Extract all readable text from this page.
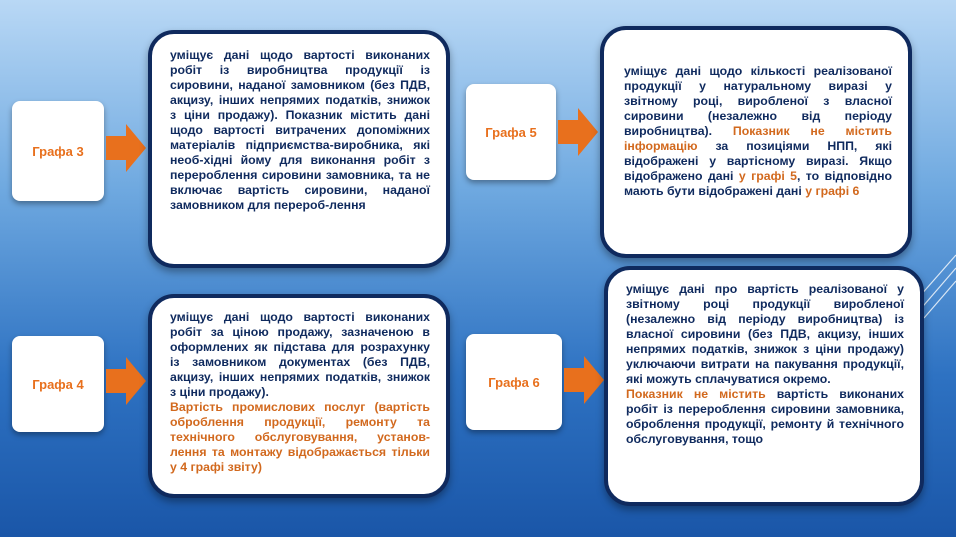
Графа 3

уміщує дані щодо вартості виконаних робіт із виробництва продукції із сировини, наданої замовником (без ПДВ, акцизу, інших непрямих податків, знижок з ціни продажу). Показник містить дані щодо вартості витрачених допоміжних матеріалів підприємства-виробника, які необ-хідні йому для виконання робіт з перероблення сировини замовника, та не включає вартість сировини, наданої замовником для перероб-лення

Графа 4

уміщує дані щодо вартості виконаних робіт за ціною продажу, зазначеною в оформлених як підстава для розрахунку із замовником документах (без ПДВ, акцизу, інших непрямих податків, знижок з ціни продажу).

Вартість промислових послуг (вартість оброблення продукції, ремонту та технічного обслуговування, установ-лення та монтажу відображається тільки у 4 графі звіту)

Графа 5

уміщує дані щодо кількості реалізованої продукції у натуральному виразі у звітному році, виробленої з власної сировини (незалежно від періоду виробництва). Показник не містить інформацію за позиціями НПП, які відображені у вартісному виразі. Якщо відображено дані у графі 5, то відповідно мають бути відображені дані у графі 6

Графа 6

уміщує дані про вартість реалізованої у звітному році продукції виробленої (незалежно від періоду виробництва) із власної сировини (без ПДВ, акцизу, інших непрямих податків, знижок з ціни продажу) уключаючи витрати на пакування продукції, які можуть сплачуватися окремо.

Показник не містить вартість виконаних робіт із перероблення сировини замовника, оброблення продукції, ремонту й технічного обслуговування, тощо
